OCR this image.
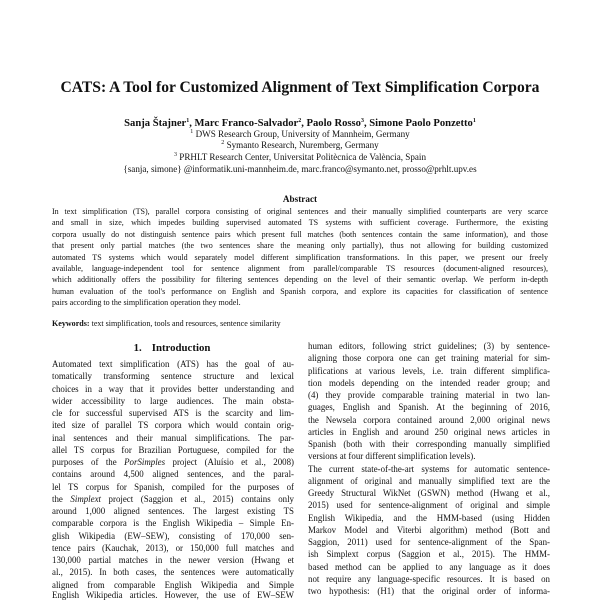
CATS: A Tool for Customized Alignment of Text Simplification Corpora
Sanja Štajner$^1$, Marc Franco-Salvador$^2$, Paolo Rosso$^3$, Simone Paolo Ponzetto$^1$
$^1$ DWS Research Group, University of Mannheim, Germany
$^2$ Symanto Research, Nuremberg, Germany
$^3$ PRHLT Research Center, Universitat Politècnica de València, Spain
{sanja, simone} @informatik.uni-mannheim.de, marc.franco@symanto.net, prosso@prhlt.upv.es
Abstract
In text simplification (TS), parallel corpora consisting of original sentences and their manually simplified counterparts are very scarce
and small in size, which impedes building supervised automated TS systems with sufficient coverage. Furthermore, the existing
corpora usually do not distinguish sentence pairs which present full matches (both sentences contain the same information), and those
that present only partial matches (the two sentences share the meaning only partially), thus not allowing for building customized
automated TS systems which would separately model different simplification transformations. In this paper, we present our freely
available, language-independent tool for sentence alignment from parallel/comparable TS resources (document-aligned resources),
which additionally offers the possibility for filtering sentences depending on the level of their semantic overlap. We perform in-depth
human evaluation of the tool's performance on English and Spanish corpora, and explore its capacities for classification of sentence
pairs according to the simplification operation they model.
Keywords: text simplification, tools and resources, sentence similarity
1. Introduction
Automated text simplification (ATS) has the goal of au-
tomatically transforming sentence structure and lexical
choices in a way that it provides better understanding and
wider accessibility to large audiences. The main obsta-
cle for successful supervised ATS is the scarcity and lim-
ited size of parallel TS corpora which would contain orig-
inal sentences and their manual simplifications. The par-
allel TS corpus for Brazilian Portuguese, compiled for the
purposes of the PorSimples project (Aluísio et al., 2008)
contains around 4,500 aligned sentences, and the paral-
lel TS corpus for Spanish, compiled for the purposes of
the Simplext project (Saggion et al., 2015) contains only
around 1,000 aligned sentences. The largest existing TS
comparable corpora is the English Wikipedia – Simple En-
glish Wikipedia (EW–SEW), consisting of 170,000 sen-
tence pairs (Kauchak, 2013), or 150,000 full matches and
130,000 partial matches in the newer version (Hwang et
al., 2015). In both cases, the sentences were automatically
aligned from comparable English Wikipedia and Simple
English Wikipedia articles. However, the use of EW–SEW
human editors, following strict guidelines; (3) by sentence-
aligning those corpora one can get training material for sim-
plifications at various levels, i.e. train different simplifica-
tion models depending on the intended reader group; and
(4) they provide comparable training material in two lan-
guages, English and Spanish. At the beginning of 2016,
the Newsela corpora contained around 2,000 original news
articles in English and around 250 original news articles in
Spanish (both with their corresponding manually simplified
versions at four different simplification levels).
The current state-of-the-art systems for automatic sentence-
alignment of original and manually simplified text are the
Greedy Structural WikNet (GSWN) method (Hwang et al.,
2015) used for sentence-alignment of original and simple
English Wikipedia, and the HMM-based (using Hidden
Markov Model and Viterbi algorithm) method (Bott and
Saggion, 2011) used for sentence-alignment of the Span-
ish Simplext corpus (Saggion et al., 2015). The HMM-
based method can be applied to any language as it does
not require any language-specific resources. It is based on
two hypothesis: (H1) that the original order of informa-
